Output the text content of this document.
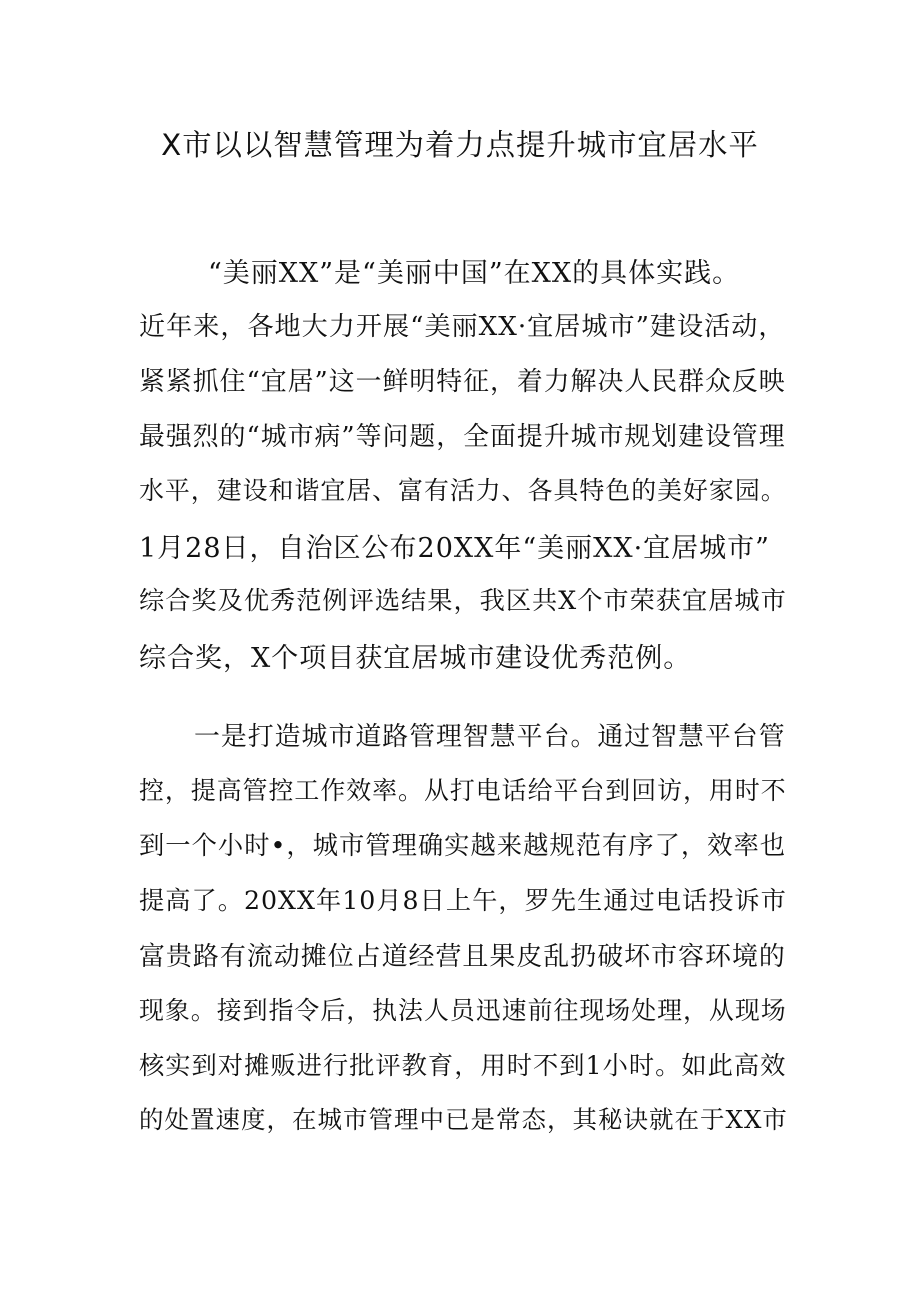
X市以以智慧管理为着力点提升城市宜居水平
“美丽XX”是“美丽中国”在XX的具体实践。
近年来，各地大力开展“美丽XX·宜居城市”建设活动，
紧紧抓住“宜居”这一鲜明特征，着力解决人民群众反映
最强烈的“城市病”等问题，全面提升城市规划建设管理
水平，建设和谐宜居、富有活力、各具特色的美好家园。
1月28日，自治区公布20XX年“美丽XX·宜居城市”
综合奖及优秀范例评选结果，我区共X个市荣获宜居城市
综合奖，X个项目获宜居城市建设优秀范例。
一是打造城市道路管理智慧平台。通过智慧平台管
控，提高管控工作效率。从打电话给平台到回访，用时不
到一个小时•，城市管理确实越来越规范有序了，效率也
提高了。20XX年10月8日上午，罗先生通过电话投诉市
富贵路有流动摊位占道经营且果皮乱扔破坏市容环境的
现象。接到指令后，执法人员迅速前往现场处理，从现场
核实到对摊贩进行批评教育，用时不到1小时。如此高效
的处置速度，在城市管理中已是常态，其秘诀就在于XX市
